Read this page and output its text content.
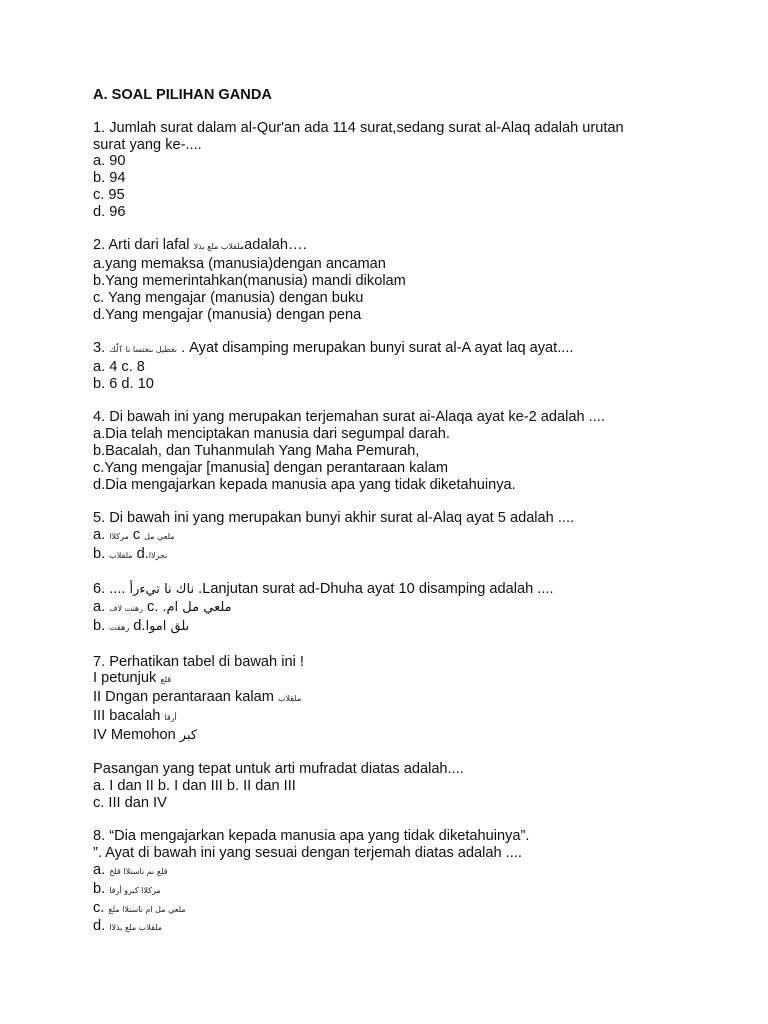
A. SOAL PILIHAN GANDA
1. Jumlah surat dalam al-Qur'an ada 114 surat,sedang surat al-Alaq adalah urutan
surat yang ke-....
a. 90
b. 94
c. 95
d. 96
2. Arti dari lafal ملقلاب ملع يذلاadalah….
a.yang memaksa (manusia)dengan ancaman
b.Yang memerintahkan(manusia) mandi dikolam
c. Yang mengajar (manusia) dengan buku
d.Yang mengajar (manusia) dengan pena
3. ىغطيل ىنغتسا نا ٱلّٰك . Ayat disamping merupakan bunyi surat al-A ayat laq ayat....
a. 4 c. 8
b. 6 d. 10
4. Di bawah ini yang merupakan terjemahan surat ai-Alaqa ayat ke-2 adalah ....
a.Dia telah menciptakan manusia dari segumpal darah.
b.Bacalah, dan Tuhanmulah Yang Maha Pemurah,
c.Yang mengajar [manusia] dengan perantaraan kalam
d.Dia mengajarkan kepada manusia apa yang tidak diketahuinya.
5. Di bawah ini yang merupakan bunyi akhir surat al-Alaq ayat 5 adalah ....
a. مركلاا c ملعي مل
b. ملقلاب d.نجرلاا
6. .... ناك نا تيءرأ .Lanjutan surat ad-Dhuha ayat 10 disamping adalah ....
a. رهنت لاف c. .ملعي مل ام
b. رهقت d.ىلق اموا
7. Perhatikan tabel di bawah ini !
I petunjuk قلع
II Dngan perantaraan kalam ملقلاب
III bacalah أرقا
IV Memohon كبر
Pasangan yang tepat untuk arti mufradat diatas adalah....
a. I dan II b. I dan III b. II dan III
c. III dan IV
8. “Dia mengajarkan kepada manusia apa yang tidak diketahuinya”.
”. Ayat di bawah ini yang sesuai dengan terjemah diatas adalah ....
a. قلع نم ناسنلاا قلخ
b. مركلاا كبرو أرقا
c. ملعي مل ام ناسنلاا ملع
d. ملقلاب ملع يذلاا
